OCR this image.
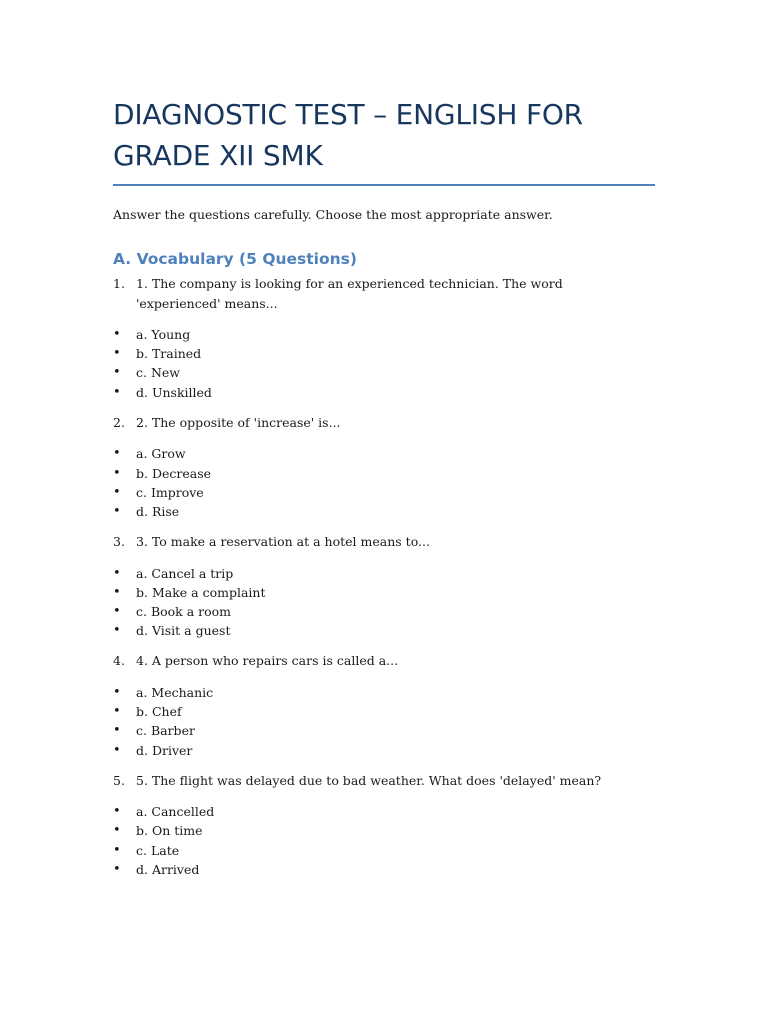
DIAGNOSTIC TEST – ENGLISH FOR GRADE XII SMK
Answer the questions carefully. Choose the most appropriate answer.
A. Vocabulary (5 Questions)
1. 1. The company is looking for an experienced technician. The word 'experienced' means...
•	a. Young
•	b. Trained
•	c. New
•	d. Unskilled
2. 2. The opposite of 'increase' is...
•	a. Grow
•	b. Decrease
•	c. Improve
•	d. Rise
3. 3. To make a reservation at a hotel means to...
•	a. Cancel a trip
•	b. Make a complaint
•	c. Book a room
•	d. Visit a guest
4. 4. A person who repairs cars is called a...
•	a. Mechanic
•	b. Chef
•	c. Barber
•	d. Driver
5. 5. The flight was delayed due to bad weather. What does 'delayed' mean?
•	a. Cancelled
•	b. On time
•	c. Late
•	d. Arrived
